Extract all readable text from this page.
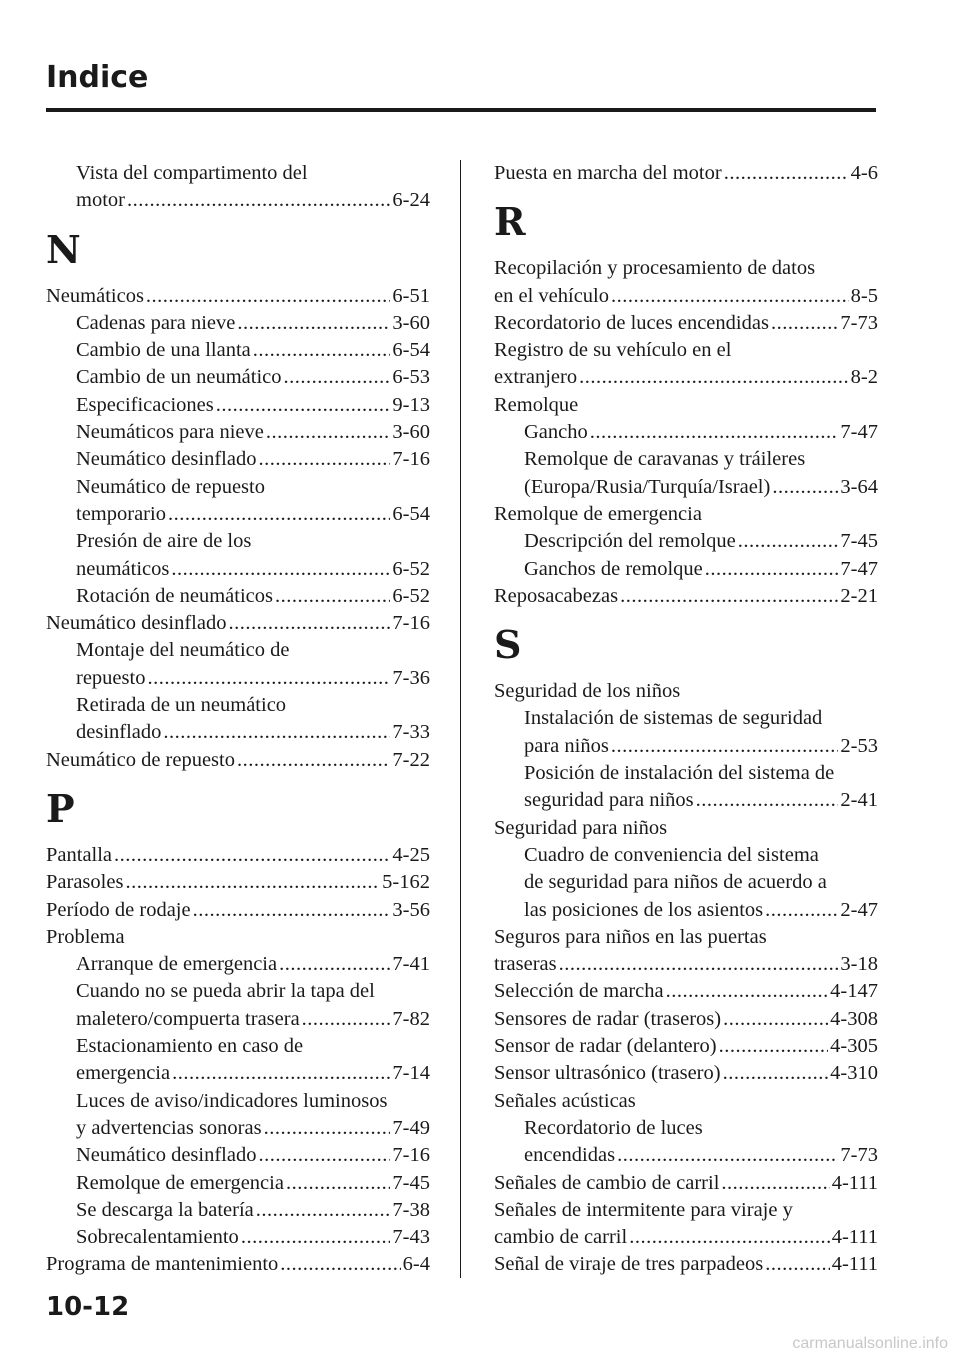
Indice
Vista del compartimento del
motor .....	6-24
N
Neumáticos .....	6-51
Cadenas para nieve .....	3-60
Cambio de una llanta .....	6-54
Cambio de un neumático .....	6-53
Especificaciones .....	9-13
Neumáticos para nieve .....	3-60
Neumático desinflado .....	7-16
Neumático de repuesto
temporario .....	6-54
Presión de aire de los
neumáticos .....	6-52
Rotación de neumáticos .....	6-52
Neumático desinflado .....	7-16
Montaje del neumático de
repuesto .....	7-36
Retirada de un neumático
desinflado .....	7-33
Neumático de repuesto .....	7-22
P
Pantalla .....	4-25
Parasoles .....	5-162
Período de rodaje .....	3-56
Problema
Arranque de emergencia .....	7-41
Cuando no se pueda abrir la tapa del
maletero/compuerta trasera .....	7-82
Estacionamiento en caso de
emergencia .....	7-14
Luces de aviso/indicadores luminosos
y advertencias sonoras .....	7-49
Neumático desinflado .....	7-16
Remolque de emergencia .....	7-45
Se descarga la batería .....	7-38
Sobrecalentamiento .....	7-43
Programa de mantenimiento .....	6-4
Puesta en marcha del motor .....	4-6
R
Recopilación y procesamiento de datos
en el vehículo .....	8-5
Recordatorio de luces encendidas .....	7-73
Registro de su vehículo en el
extranjero .....	8-2
Remolque
Gancho .....	7-47
Remolque de caravanas y tráileres
(Europa/Rusia/Turquía/Israel) .....	3-64
Remolque de emergencia
Descripción del remolque .....	7-45
Ganchos de remolque .....	7-47
Reposacabezas .....	2-21
S
Seguridad de los niños
Instalación de sistemas de seguridad
para niños .....	2-53
Posición de instalación del sistema de
seguridad para niños .....	2-41
Seguridad para niños
Cuadro de conveniencia del sistema
de seguridad para niños de acuerdo a
las posiciones de los asientos .....	2-47
Seguros para niños en las puertas
traseras .....	3-18
Selección de marcha .....	4-147
Sensores de radar (traseros) .....	4-308
Sensor de radar (delantero) .....	4-305
Sensor ultrasónico (trasero) .....	4-310
Señales acústicas
Recordatorio de luces
encendidas .....	7-73
Señales de cambio de carril .....	4-111
Señales de intermitente para viraje y
cambio de carril .....	4-111
Señal de viraje de tres parpadeos .....	4-111
10-12
carmanualsonline.info
